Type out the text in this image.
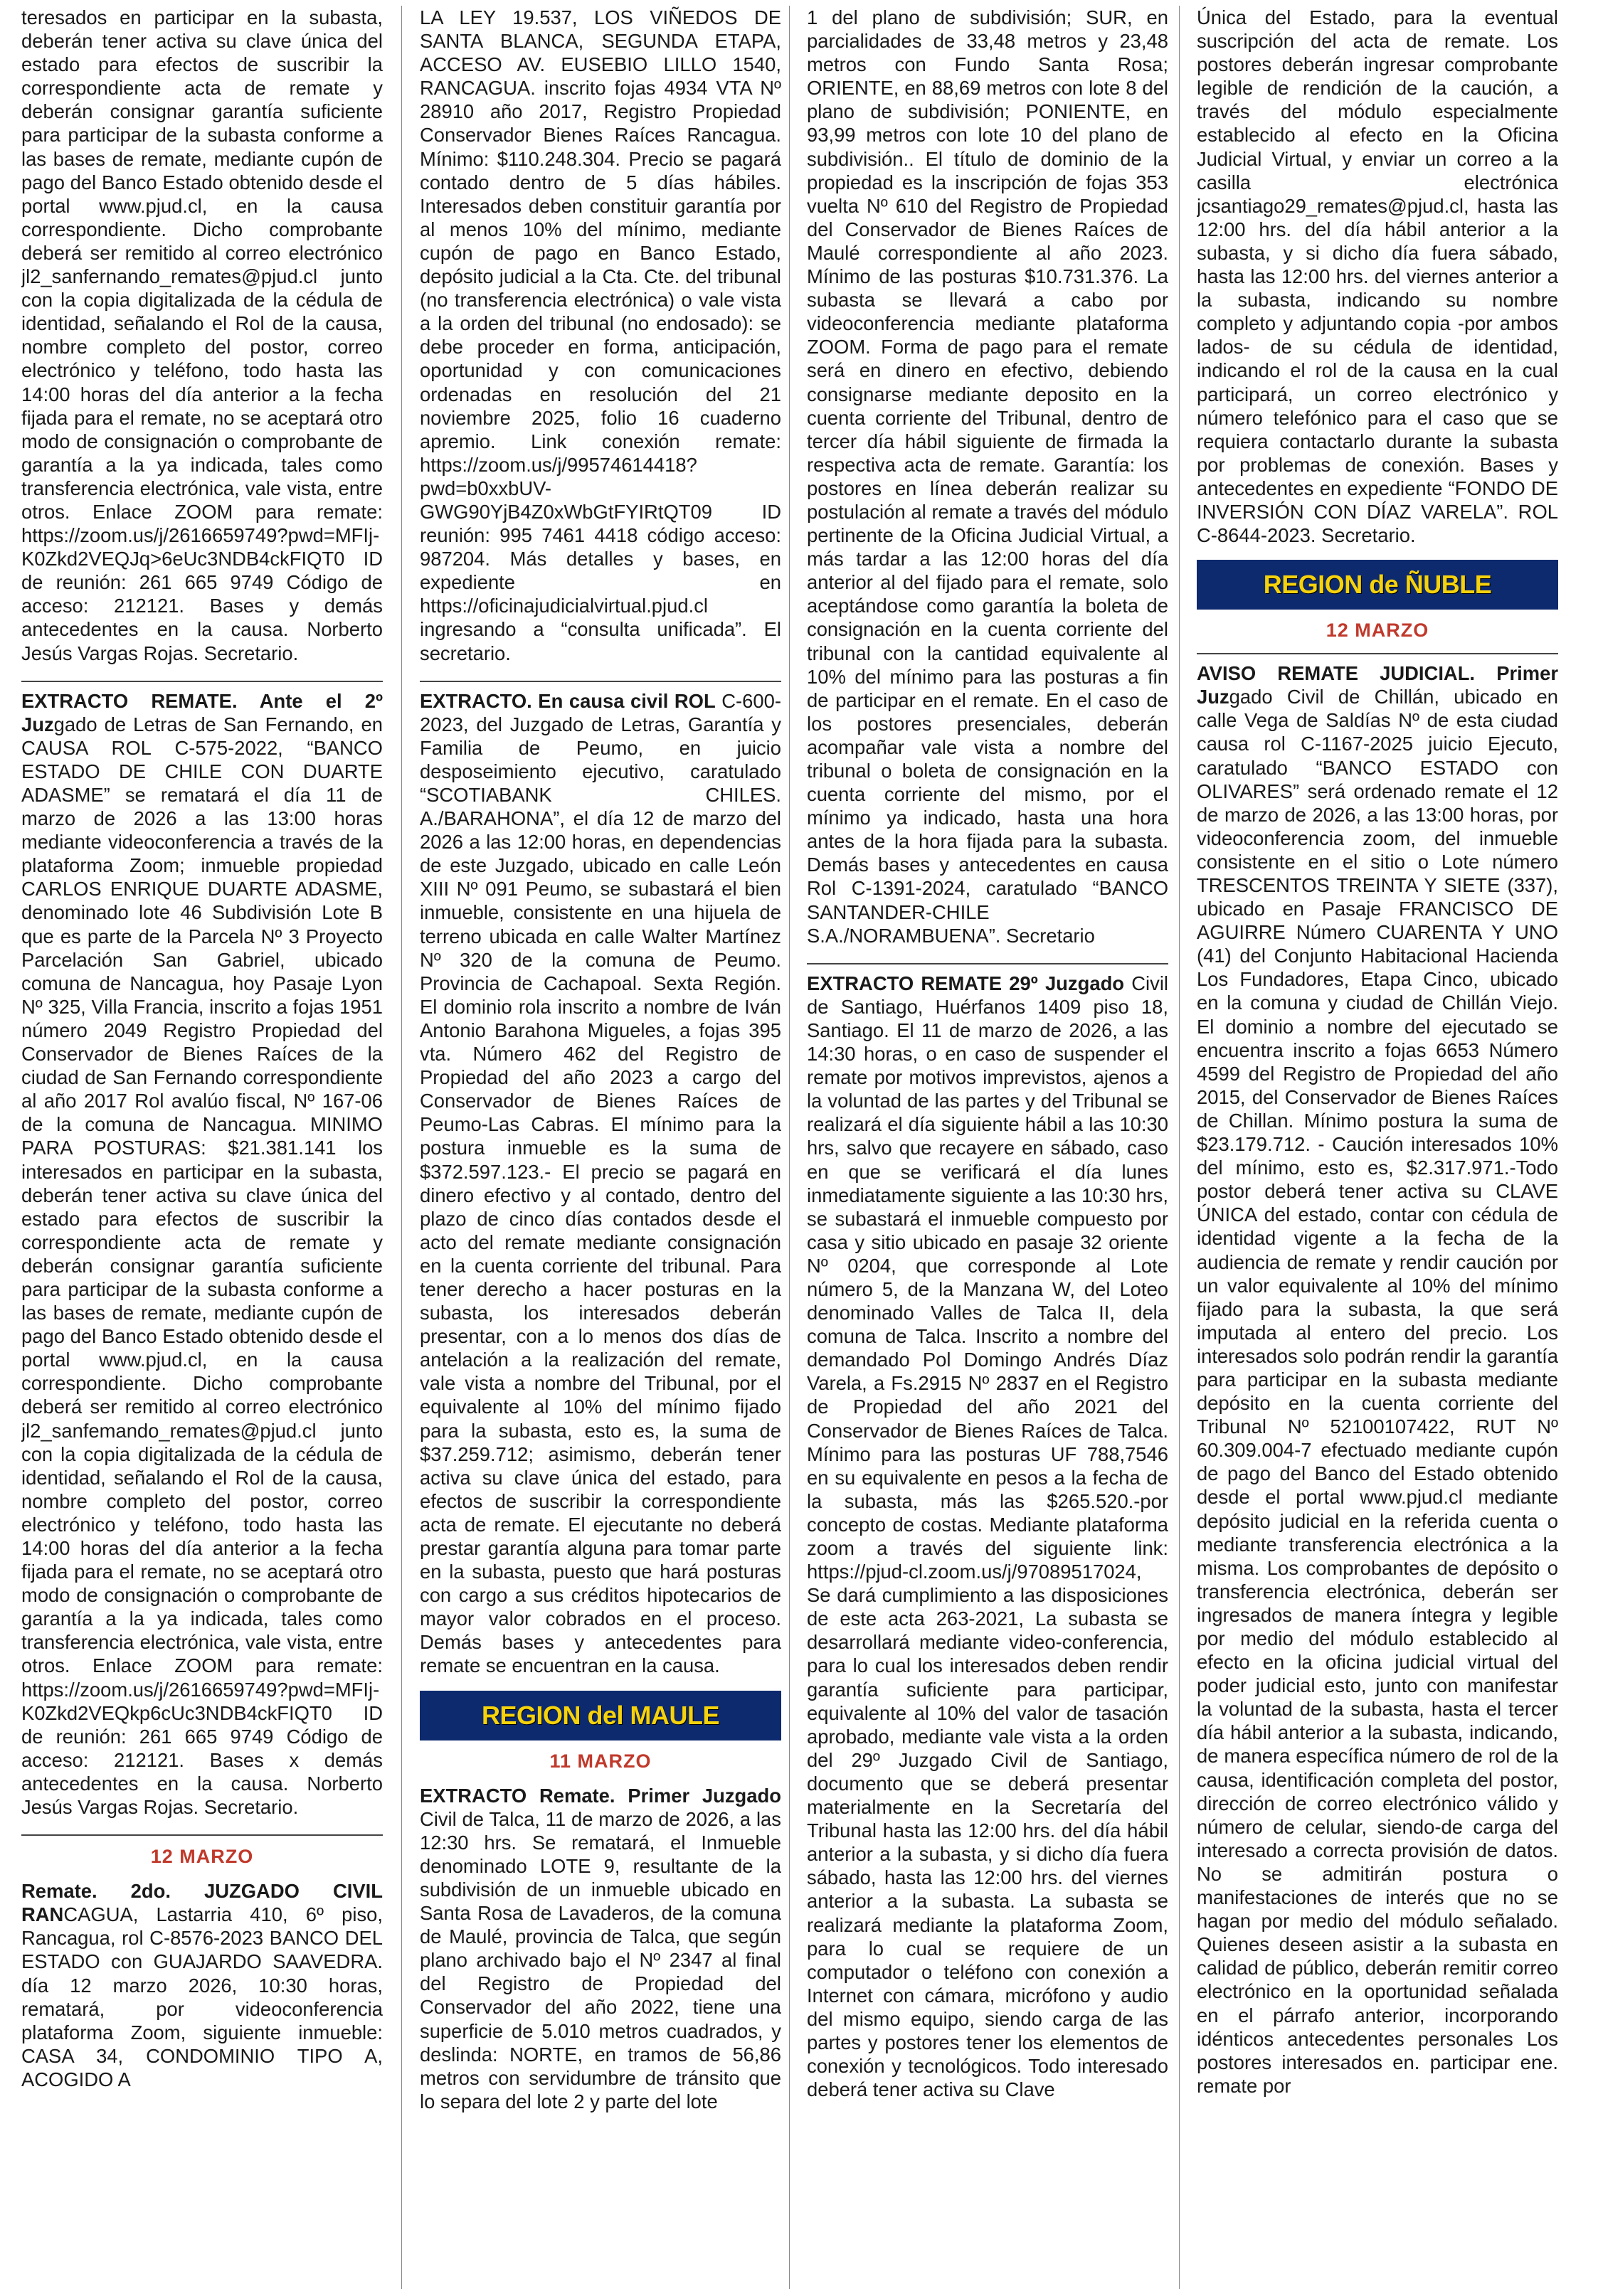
teresados en participar en la subasta, deberán tener activa su clave única del estado para efectos de suscribir la correspondiente acta de remate y deberán consignar garantía suficiente para participar de la subasta conforme a las bases de remate, mediante cupón de pago del Banco Estado obtenido desde el portal www.pjud.cl, en la causa correspondiente. Dicho comprobante deberá ser remitido al correo electrónico jl2_sanfernando_remates@pjud.cl junto con la copia digitalizada de la cédula de identidad, señalando el Rol de la causa, nombre completo del postor, correo electrónico y teléfono, todo hasta las 14:00 horas del día anterior a la fecha fijada para el remate, no se aceptará otro modo de consignación o comprobante de garantía a la ya indicada, tales como transferencia electrónica, vale vista, entre otros. Enlace ZOOM para remate: https://zoom.us/j/2616659749?pwd=MFIj-K0Zkd2VEQJq>6eUc3NDB4ckFIQT0 ID de reunión: 261 665 9749 Código de acceso: 212121. Bases y demás antecedentes en la causa. Norberto Jesús Vargas Rojas. Secretario.

EXTRACTO REMATE. Ante el 2º Juzgado de Letras de San Fernando, en CAUSA ROL C-575-2022, “BANCO ESTADO DE CHILE CON DUARTE ADASME” se rematará el día 11 de marzo de 2026 a las 13:00 horas mediante videoconferencia a través de la plataforma Zoom; inmueble propiedad CARLOS ENRIQUE DUARTE ADASME, denominado lote 46 Subdivisión Lote B que es parte de la Parcela Nº 3 Proyecto Parcelación San Gabriel, ubicado comuna de Nancagua, hoy Pasaje Lyon Nº 325, Villa Francia, inscrito a fojas 1951 número 2049 Registro Propiedad del Conservador de Bienes Raíces de la ciudad de San Fernando correspondiente al año 2017 Rol avalúo fiscal, Nº 167-06 de la comuna de Nancagua. MINIMO PARA POSTURAS: $21.381.141 los interesados en participar en la subasta, deberán tener activa su clave única del estado para efectos de suscribir la correspondiente acta de remate y deberán consignar garantía suficiente para participar de la subasta conforme a las bases de remate, mediante cupón de pago del Banco Estado obtenido desde el portal www.pjud.cl, en la causa correspondiente. Dicho comprobante deberá ser remitido al correo electrónico jl2_sanfemando_remates@pjud.cl junto con la copia digitalizada de la cédula de identidad, señalando el Rol de la causa, nombre completo del postor, correo electrónico y teléfono, todo hasta las 14:00 horas del día anterior a la fecha fijada para el remate, no se aceptará otro modo de consignación o comprobante de garantía a la ya indicada, tales como transferencia electrónica, vale vista, entre otros. Enlace ZOOM para remate: https://zoom.us/j/2616659749?pwd=MFIj-K0Zkd2VEQkp6cUc3NDB4ckFIQT0 ID de reunión: 261 665 9749 Código de acceso: 212121. Bases x demás antecedentes en la causa. Norberto Jesús Vargas Rojas. Secretario.

12 MARZO

Remate. 2do. JUZGADO CIVIL RANCAGUA, Lastarria 410, 6º piso, Rancagua, rol C-8576-2023 BANCO DEL ESTADO con GUAJARDO SAAVEDRA. día 12 marzo 2026, 10:30 horas, rematará, por videoconferencia plataforma Zoom, siguiente inmueble: CASA 34, CONDOMINIO TIPO A, ACOGIDO A

LA LEY 19.537, LOS VIÑEDOS DE SANTA BLANCA, SEGUNDA ETAPA, ACCESO AV. EUSEBIO LILLO 1540, RANCAGUA. inscrito fojas 4934 VTA Nº 28910 año 2017, Registro Propiedad Conservador Bienes Raíces Rancagua. Mínimo: $110.248.304. Precio se pagará contado dentro de 5 días hábiles. Interesados deben constituir garantía por al menos 10% del mínimo, mediante cupón de pago en Banco Estado, depósito judicial a la Cta. Cte. del tribunal (no transferencia electrónica) o vale vista a la orden del tribunal (no endosado): se debe proceder en forma, anticipación, oportunidad y con comunicaciones ordenadas en resolución del 21 noviembre 2025, folio 16 cuaderno apremio. Link conexión remate: https://zoom.us/j/99574614418?pwd=b0xxbUV-GWG90YjB4Z0xWbGtFYIRtQT09 ID reunión: 995 7461 4418 código acceso: 987204. Más detalles y bases, en expediente en https://oficinajudicialvirtual.pjud.cl ingresando a “consulta unificada”. El secretario.

EXTRACTO. En causa civil ROL C-600-2023, del Juzgado de Letras, Garantía y Familia de Peumo, en juicio desposeimiento ejecutivo, caratulado “SCOTIABANK CHILES. A./BARAHONA”, el día 12 de marzo del 2026 a las 12:00 horas, en dependencias de este Juzgado, ubicado en calle León XIII Nº 091 Peumo, se subastará el bien inmueble, consistente en una hijuela de terreno ubicada en calle Walter Martínez Nº 320 de la comuna de Peumo. Provincia de Cachapoal. Sexta Región. El dominio rola inscrito a nombre de Iván Antonio Barahona Migueles, a fojas 395 vta. Número 462 del Registro de Propiedad del año 2023 a cargo del Conservador de Bienes Raíces de Peumo-Las Cabras. El mínimo para la postura inmueble es la suma de $372.597.123.- El precio se pagará en dinero efectivo y al contado, dentro del plazo de cinco días contados desde el acto del remate mediante consignación en la cuenta corriente del tribunal. Para tener derecho a hacer posturas en la subasta, los interesados deberán presentar, con a lo menos dos días de antelación a la realización del remate, vale vista a nombre del Tribunal, por el equivalente al 10% del mínimo fijado para la subasta, esto es, la suma de $37.259.712; asimismo, deberán tener activa su clave única del estado, para efectos de suscribir la correspondiente acta de remate. El ejecutante no deberá prestar garantía alguna para tomar parte en la subasta, puesto que hará posturas con cargo a sus créditos hipotecarios de mayor valor cobrados en el proceso. Demás bases y antecedentes para remate se encuentran en la causa.

REGION del MAULE
11 MARZO

EXTRACTO Remate. Primer Juzgado Civil de Talca, 11 de marzo de 2026, a las 12:30 hrs. Se rematará, el Inmueble denominado LOTE 9, resultante de la subdivisión de un inmueble ubicado en Santa Rosa de Lavaderos, de la comuna de Maulé, provincia de Talca, que según plano archivado bajo el Nº 2347 al final del Registro de Propiedad del Conservador del año 2022, tiene una superficie de 5.010 metros cuadrados, y deslinda: NORTE, en tramos de 56,86 metros con servidumbre de tránsito que lo separa del lote 2 y parte del lote

1 del plano de subdivisión; SUR, en parcialidades de 33,48 metros y 23,48 metros con Fundo Santa Rosa; ORIENTE, en 88,69 metros con lote 8 del plano de subdivisión; PONIENTE, en 93,99 metros con lote 10 del plano de subdivisión.. El título de dominio de la propiedad es la inscripción de fojas 353 vuelta Nº 610 del Registro de Propiedad del Conservador de Bienes Raíces de Maulé correspondiente al año 2023. Mínimo de las posturas $10.731.376. La subasta se llevará a cabo por videoconferencia mediante plataforma ZOOM. Forma de pago para el remate será en dinero en efectivo, debiendo consignarse mediante deposito en la cuenta corriente del Tribunal, dentro de tercer día hábil siguiente de firmada la respectiva acta de remate. Garantía: los postores en línea deberán realizar su postulación al remate a través del módulo pertinente de la Oficina Judicial Virtual, a más tardar a las 12:00 horas del día anterior al del fijado para el remate, solo aceptándose como garantía la boleta de consignación en la cuenta corriente del tribunal con la cantidad equivalente al 10% del mínimo para las posturas a fin de participar en el remate. En el caso de los postores presenciales, deberán acompañar vale vista a nombre del tribunal o boleta de consignación en la cuenta corriente del mismo, por el mínimo ya indicado, hasta una hora antes de la hora fijada para la subasta. Demás bases y antecedentes en causa Rol C-1391-2024, caratulado “BANCO SANTANDER-CHILE S.A./NORAMBUENA”. Secretario

EXTRACTO REMATE 29º Juzgado Civil de Santiago, Huérfanos 1409 piso 18, Santiago. El 11 de marzo de 2026, a las 14:30 horas, o en caso de suspender el remate por motivos imprevistos, ajenos a la voluntad de las partes y del Tribunal se realizará el día siguiente hábil a las 10:30 hrs, salvo que recayere en sábado, caso en que se verificará el día lunes inmediatamente siguiente a las 10:30 hrs, se subastará el inmueble compuesto por casa y sitio ubicado en pasaje 32 oriente Nº 0204, que corresponde al Lote número 5, de la Manzana W, del Loteo denominado Valles de Talca II, dela comuna de Talca. Inscrito a nombre del demandado Pol Domingo Andrés Díaz Varela, a Fs.2915 Nº 2837 en el Registro de Propiedad del año 2021 del Conservador de Bienes Raíces de Talca. Mínimo para las posturas UF 788,7546 en su equivalente en pesos a la fecha de la subasta, más las $265.520.-por concepto de costas. Mediante plataforma zoom a través del siguiente link: https://pjud-cl.zoom.us/j/97089517024, Se dará cumplimiento a las disposiciones de este acta 263-2021, La subasta se desarrollará mediante video-conferencia, para lo cual los interesados deben rendir garantía suficiente para participar, equivalente al 10% del valor de tasación aprobado, mediante vale vista a la orden del 29º Juzgado Civil de Santiago, documento que se deberá presentar materialmente en la Secretaría del Tribunal hasta las 12:00 hrs. del día hábil anterior a la subasta, y si dicho día fuera sábado, hasta las 12:00 hrs. del viernes anterior a la subasta. La subasta se realizará mediante la plataforma Zoom, para lo cual se requiere de un computador o teléfono con conexión a Internet con cámara, micrófono y audio del mismo equipo, siendo carga de las partes y postores tener los elementos de conexión y tecnológicos. Todo interesado deberá tener activa su Clave

Única del Estado, para la eventual suscripción del acta de remate. Los postores deberán ingresar comprobante legible de rendición de la caución, a través del módulo especialmente establecido al efecto en la Oficina Judicial Virtual, y enviar un correo a la casilla electrónica jcsantiago29_remates@pjud.cl, hasta las 12:00 hrs. del día hábil anterior a la subasta, y si dicho día fuera sábado, hasta las 12:00 hrs. del viernes anterior a la subasta, indicando su nombre completo y adjuntando copia -por ambos lados- de su cédula de identidad, indicando el rol de la causa en la cual participará, un correo electrónico y número telefónico para el caso que se requiera contactarlo durante la subasta por problemas de conexión. Bases y antecedentes en expediente “FONDO DE INVERSIÓN CON DÍAZ VARELA”. ROL C-8644-2023. Secretario.

REGION de ÑUBLE
12 MARZO

AVISO REMATE JUDICIAL. Primer Juzgado Civil de Chillán, ubicado en calle Vega de Saldías Nº de esta ciudad causa rol C-1167-2025 juicio Ejecuto, caratulado “BANCO ESTADO con OLIVARES” será ordenado remate el 12 de marzo de 2026, a las 13:00 horas, por videoconferencia zoom, del inmueble consistente en el sitio o Lote número TRESCENTOS TREINTA Y SIETE (337), ubicado en Pasaje FRANCISCO DE AGUIRRE Número CUARENTA Y UNO (41) del Conjunto Habitacional Hacienda Los Fundadores, Etapa Cinco, ubicado en la comuna y ciudad de Chillán Viejo. El dominio a nombre del ejecutado se encuentra inscrito a fojas 6653 Número 4599 del Registro de Propiedad del año 2015, del Conservador de Bienes Raíces de Chillan. Mínimo postura la suma de $23.179.712. - Caución interesados 10% del mínimo, esto es, $2.317.971.-Todo postor deberá tener activa su CLAVE ÚNICA del estado, contar con cédula de identidad vigente a la fecha de la audiencia de remate y rendir caución por un valor equivalente al 10% del mínimo fijado para la subasta, la que será imputada al entero del precio. Los interesados solo podrán rendir la garantía para participar en la subasta mediante depósito en la cuenta corriente del Tribunal Nº 52100107422, RUT Nº 60.309.004-7 efectuado mediante cupón de pago del Banco del Estado obtenido desde el portal www.pjud.cl mediante depósito judicial en la referida cuenta o mediante transferencia electrónica a la misma. Los comprobantes de depósito o transferencia electrónica, deberán ser ingresados de manera íntegra y legible por medio del módulo establecido al efecto en la oficina judicial virtual del poder judicial esto, junto con manifestar la voluntad de la subasta, hasta el tercer día hábil anterior a la subasta, indicando, de manera específica número de rol de la causa, identificación completa del postor, dirección de correo electrónico válido y número de celular, siendo-de carga del interesado a correcta provisión de datos. No se admitirán postura o manifestaciones de interés que no se hagan por medio del módulo señalado. Quienes deseen asistir a la subasta en calidad de público, deberán remitir correo electrónico en la oportunidad señalada en el párrafo anterior, incorporando idénticos antecedentes personales Los postores interesados en. participar ene. remate por
